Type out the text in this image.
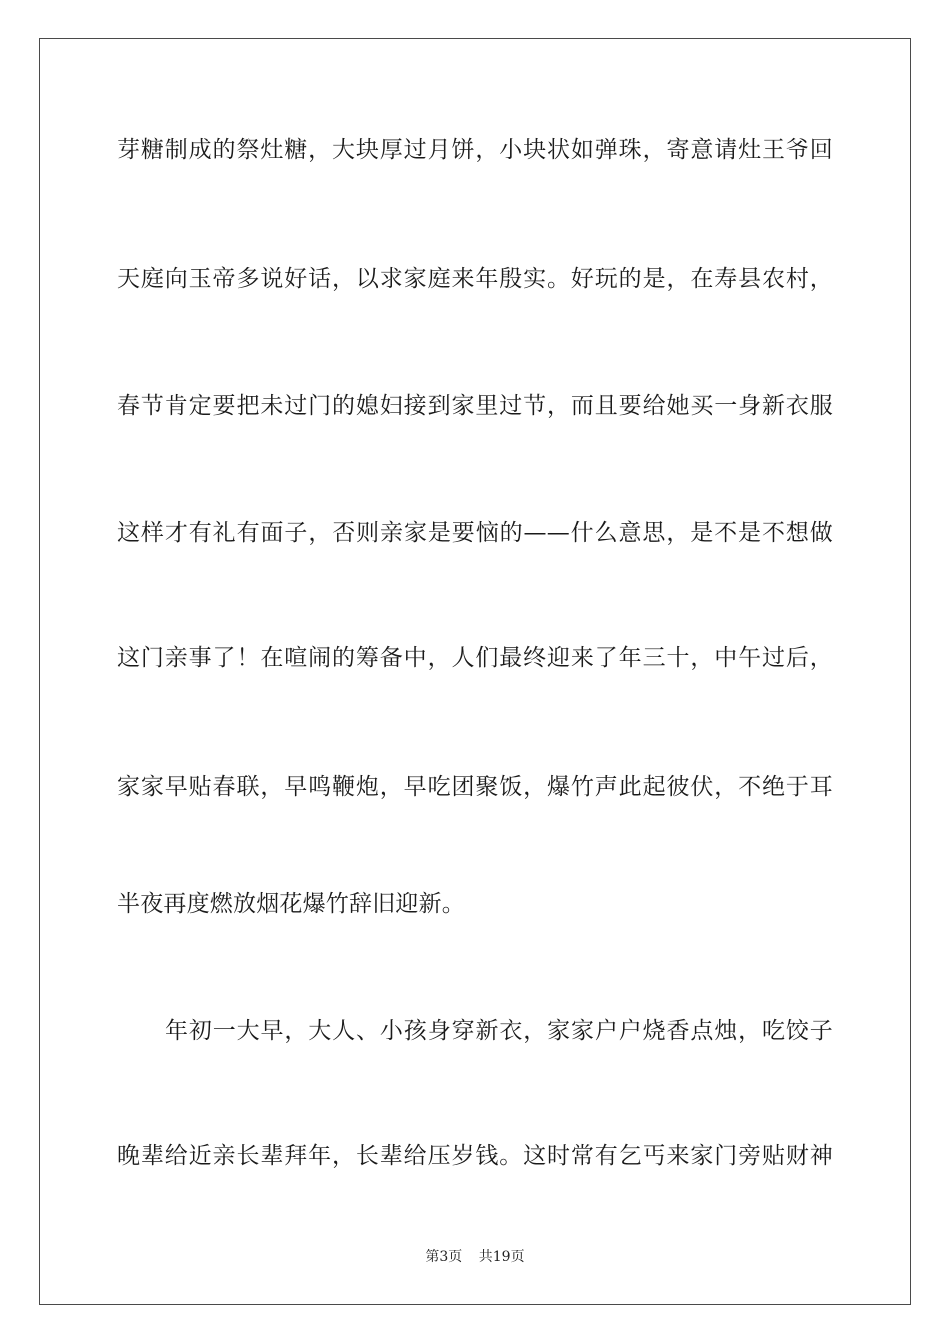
芽糖制成的祭灶糖，大块厚过月饼，小块状如弹珠，寄意请灶王爷回
天庭向玉帝多说好话，以求家庭来年殷实。好玩的是，在寿县农村，
春节肯定要把未过门的媳妇接到家里过节，而且要给她买一身新衣服
这样才有礼有面子，否则亲家是要恼的——什么意思，是不是不想做
这门亲事了！在喧闹的筹备中，人们最终迎来了年三十，中午过后，
家家早贴春联，早鸣鞭炮，早吃团聚饭，爆竹声此起彼伏，不绝于耳
半夜再度燃放烟花爆竹辞旧迎新。
年初一大早，大人、小孩身穿新衣，家家户户烧香点烛，吃饺子
晚辈给近亲长辈拜年，长辈给压岁钱。这时常有乞丐来家门旁贴财神
第3页 共19页
